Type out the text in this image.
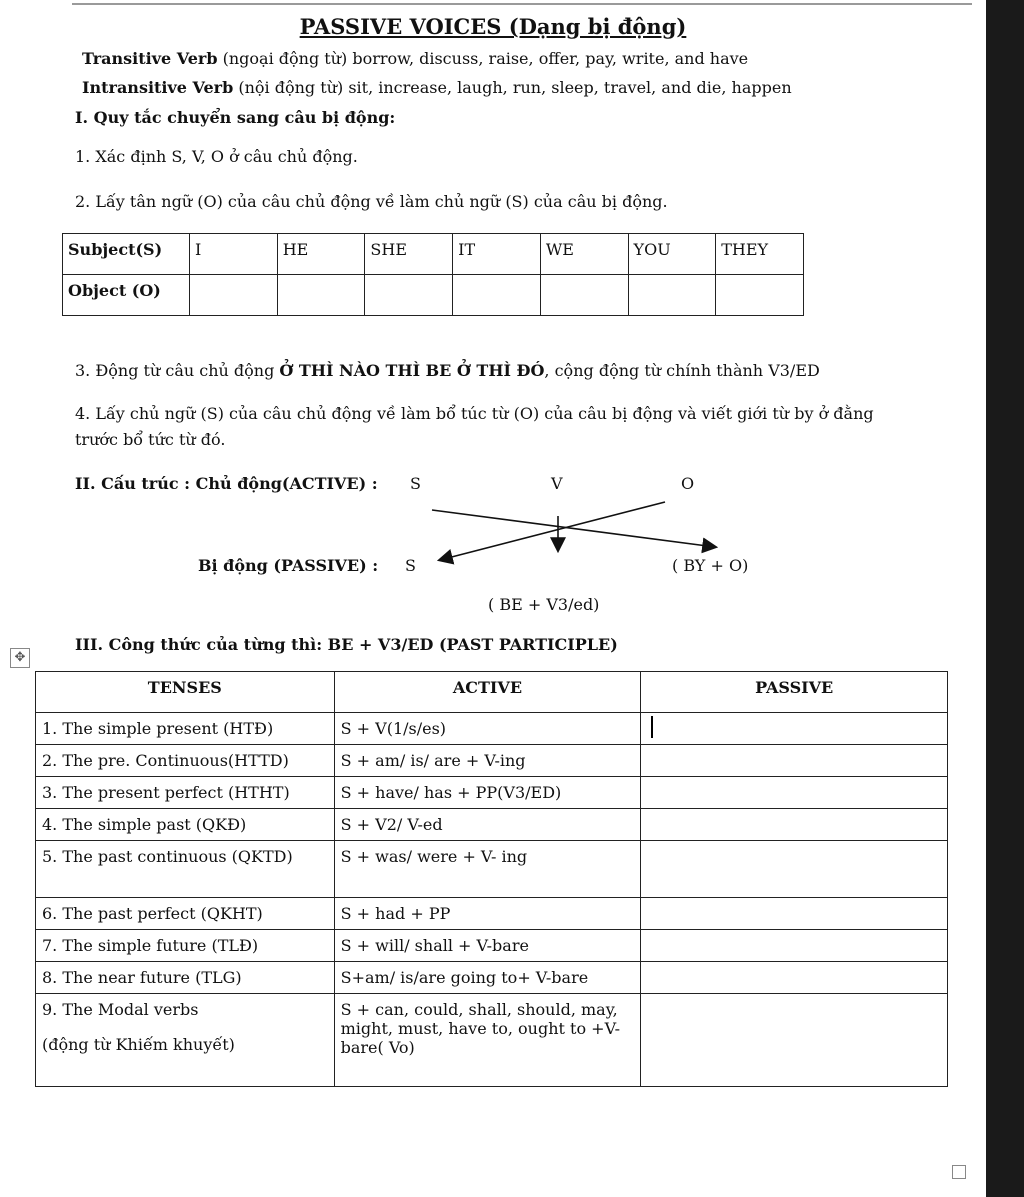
PASSIVE VOICES (Dạng bị động)
Transitive Verb (ngoại động từ) borrow, discuss, raise, offer, pay, write, and have
Intransitive Verb (nội động từ) sit, increase, laugh, run, sleep, travel, and die, happen
I. Quy tắc chuyển sang câu bị động:
1. Xác định S, V, O ở câu chủ động.
2. Lấy tân ngữ (O) của câu chủ động về làm chủ ngữ (S) của câu bị động.
Subject(S)	I	HE	SHE	IT	WE	YOU	THEY
Object (O)							
3. Động từ câu chủ động Ở THÌ NÀO THÌ BE Ở THÌ ĐÓ, cộng động từ chính thành V3/ED
4. Lấy chủ ngữ (S) của câu chủ động về làm bổ túc từ (O) của câu bị động và viết giới từ by ở đằng
trước bổ tức từ đó.
II. Cấu trúc : Chủ động(ACTIVE) : S	V	O
Bị động (PASSIVE) : S	( BY + O)
( BE + V3/ed)
✥
III. Công thức của từng thì: BE + V3/ED (PAST PARTICIPLE)
TENSES	ACTIVE	PASSIVE
1. The simple present (HTĐ)	S + V(1/s/es)	
2. The pre. Continuous(HTTD)	S + am/ is/ are + V-ing	
3. The present perfect (HTHT)	S + have/ has + PP(V3/ED)	
4. The simple past (QKĐ)	S + V2/ V-ed	
5. The past continuous (QKTD)	S + was/ were + V- ing	
6. The past perfect (QKHT)	S + had + PP	
7. The simple future (TLĐ)	S + will/ shall + V-bare	
8. The near future (TLG)	S+am/ is/are going to+ V-bare	

9. The Modal verbs
(động từ Khiếm khuyết)	S + can, could, shall, should, may, might, must, have to, ought to +V-bare( Vo)	
